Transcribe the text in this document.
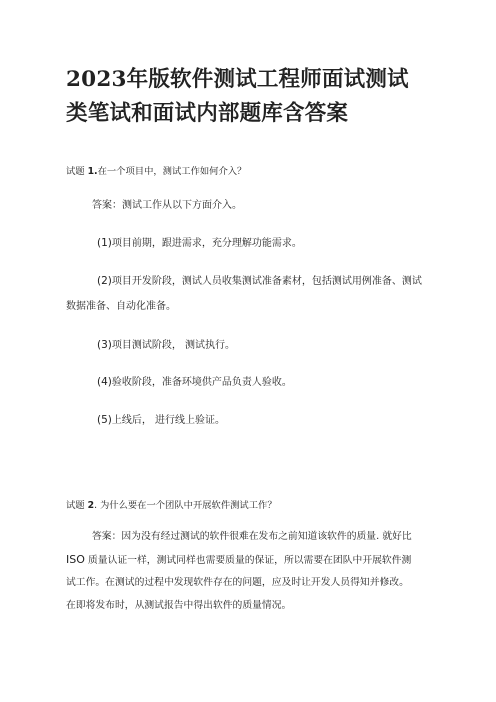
2023年版软件测试工程师面试测试
类笔试和面试内部题库含答案
试题 1.在一个项目中，测试工作如何介入？
答案：测试工作从以下方面介入。
(1)项目前期，跟进需求，充分理解功能需求。
(2)项目开发阶段，测试人员收集测试准备素材，包括测试用例准备、测试
数据准备、自动化准备。
(3)项目测试阶段， 测试执行。
(4)验收阶段，准备环境供产品负责人验收。
(5)上线后， 进行线上验证。
试题 2. 为什么要在一个团队中开展软件测试工作？
答案：因为没有经过测试的软件很难在发布之前知道该软件的质量. 就好比
ISO 质量认证一样，测试同样也需要质量的保证，所以需要在团队中开展软件测
试工作。在测试的过程中发现软件存在的问题，应及时让开发人员得知并修改。
在即将发布时，从测试报告中得出软件的质量情况。
